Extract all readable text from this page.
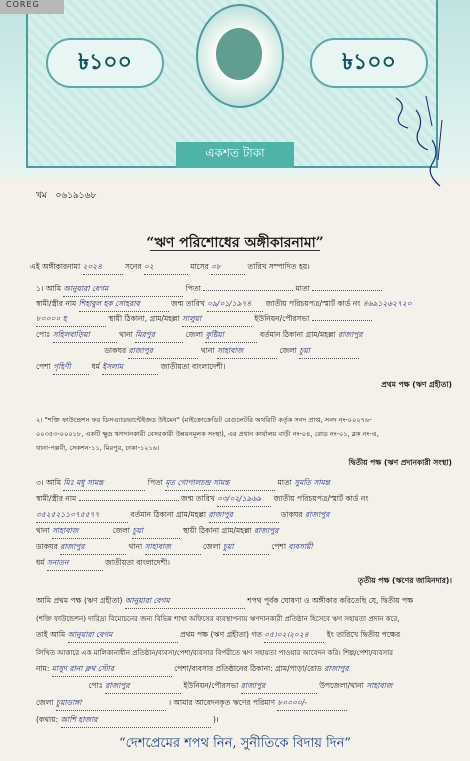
COREG
৳১০০	৳১০০
একশত টাকা
খম ০৬১৯১৬৮
“ঋণ পরিশোধের অঙ্গীকারনামা”
এই অঙ্গীকারনামা ২০২৪	সনের ০২	মাসের ০৮	তারিখ সম্পাদিত হয়।
১। আমি আনুয়ারা বেগম	পিতা	মাতা
স্বামী/স্ত্রীর নাম শিহাবুল হক সোহরাব	জন্ম তারিখ ০৯/০১/১৯৭৪ জাতীয় পরিচয়পত্র/স্মার্ট কার্ড নং ৪৬৯১২৬২৭২০
৮০০০০ হ	স্থায়ী ঠিকানা, গ্রাম/মহল্লা সালুয়া	ইউনিয়ন/পৌরসভা
পোঃ সহিলবাড়িয়া	থানা মিরপুর	জেলা কুষ্টিয়া	বর্তমান ঠিকানা গ্রাম/মহল্লা রাজাপুর
ডাকঘর রাজাপুর	থানা সাহাবাজ	জেলা চুয়া
পেশা গৃহিণী	ধর্ম ইসলাম	জাতীয়তা বাংলাদেশী।
প্রথম পক্ষ (ঋণ গ্রহীতা)
২। "শক্তি ফাউন্ডেশন ফর ডিসএ্যাডভান্টেইজড উইমেন" (মাইক্রোক্রেডিট রেগুলেটরি অথরিটি কর্তৃক সনদ প্রাপ্ত, সনদ নং-০০২৭৬-
০০৩৫৩-০০০১৮, একটি ক্ষুদ্র ঋণদানকারী বেসরকারী উন্নয়নমূলক সংস্থা), এর প্রধান কার্যালয় বাড়ী নং-০৪, রোড নং-০১, ব্লক নং-এ,
থানা-পল্লবী, সেকশন-১১, মিরপুর, ঢাকা-১২১৬।
দ্বিতীয় পক্ষ (ঋণ প্রদানকারী সংস্থা)
৩। আমি মিঃ মধু সামন্ত	পিতা মৃত গোপালচন্দ্র সামন্ত	মাতা সুমতি সামন্ত
স্বামী/স্ত্রীর নাম	জন্ম তারিখ ০৩/০২/১৯৬৯ জাতীয় পরিচয়পত্র/স্মার্ট কার্ড নং
৩৫২৫২১১০৭৫৫৭৭	বর্তমান ঠিকানা গ্রাম/মহল্লা রাজাপুর	ডাকঘর রাজাপুর
থানা সাহাবাজ	জেলা চুয়া	স্থায়ী ঠিকানা গ্রাম/মহল্লা রাজাপুর
ডাকঘর রাজাপুর	থানা সাহাবাজ	জেলা চুয়া	পেশা ব্যবসায়ী
ধর্ম সনাতন	জাতীয়তা বাংলাদেশী।
তৃতীয় পক্ষ (ঋণের জামিনদার)।
আমি প্রথম পক্ষ (ঋণ গ্রহীতা) আনুয়ারা বেগম	শপথ পূর্বক ঘোষণা ও অঙ্গীকার করিতেছি যে, দ্বিতীয় পক্ষ
(শক্তি ফাউন্ডেশন) দারিদ্র্য বিমোচনের জন্য বিভিন্ন শাখা অফিসের ব্যবস্থাপনায় ঋণদানকারী প্রতিষ্ঠান হিসেবে ঋণ সহায়তা প্রদান করে,
তাই আমি আনুয়ারা বেগম	প্রথম পক্ষ (ঋণ গ্রহীতা) গত ০৫।০২।২০২৪ ইং তারিখে দ্বিতীয় পক্ষের
লিখিত আকারে এক মালিকানাধীন প্রতিষ্ঠান/ব্যবসা/পেশা/ব্যবসার বিপরীতে ঋণ সহায়তা পাওয়ার আবেদন করি। শিল্প/পেশা/ব্যবসার
নাম: মাসুদ রানা ক্লথ স্টোর	পেশা/ব্যবসার প্রতিষ্ঠানের ঠিকানা: গ্রাম/পাড়া/রোড রাজাপুর
পোঃ রাজাপুর	ইউনিয়ন/পৌরসভা রাজাপুর	উপজেলা/থানা সাহাবাজ
জেলা চুয়াডাঙ্গা	। আমার আবেদনকৃত ঋণের পরিমাণ ৮০০০০/-
(কথায়: আশি হাজার	)।
“দেশপ্রেমের শপথ নিন, সুনীতিকে বিদায় দিন”
